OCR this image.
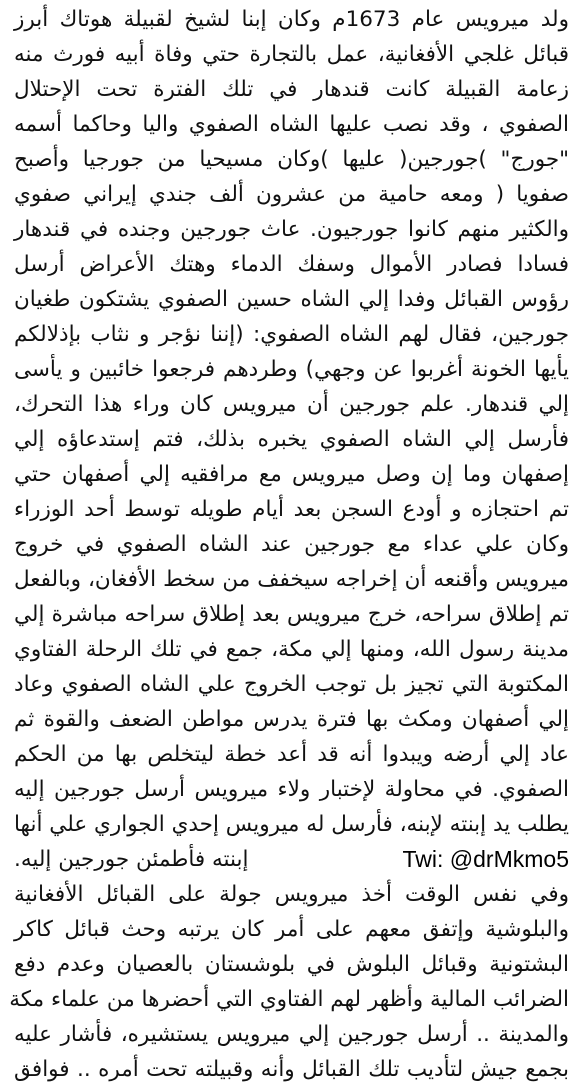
ولد ميرويس عام 1673م وكان إبنا لشيخ لقبيلة هوتاك أبرز
قبائل غلجي الأفغانية، عمل بالتجارة حتي وفاة أبيه فورث منه
زعامة القبيلة كانت قندهار في تلك الفترة تحت الإحتلال
الصفوي ، وقد نصب عليها الشاه الصفوي واليا وحاكما أسمه
"جورج" )جورجين( عليها )وكان مسيحيا من جورجيا وأصبح
صفويا ( ومعه حامية من عشرون ألف جندي إيراني صفوي
والكثير منهم كانوا جورجيون. عاث جورجين وجنده في قندهار
فسادا فصادر الأموال وسفك الدماء وهتك الأعراض أرسل
رؤوس القبائل وفدا إلي الشاه حسين الصفوي يشتكون طغيان
جورجين، فقال لهم الشاه الصفوي: (إننا نؤجر و نثاب بإذلالكم
يأيها الخونة أغربوا عن وجهي) وطردهم فرجعوا خائبين و يأسى
إلي قندهار. علم جورجين أن ميرويس كان وراء هذا التحرك،
فأرسل إلي الشاه الصفوي يخبره بذلك، فتم إستدعاؤه إلي
إصفهان وما إن وصل ميرويس مع مرافقيه إلي أصفهان حتي
تم احتجازه و أودع السجن بعد أيام طويله توسط أحد الوزراء
وكان علي عداء مع جورجين عند الشاه الصفوي في خروج
ميرويس وأقنعه أن إخراجه سيخفف من سخط الأفغان، وبالفعل
تم إطلاق سراحه، خرج ميرويس بعد إطلاق سراحه مباشرة إلي
مدينة رسول الله، ومنها إلي مكة، جمع في تلك الرحلة الفتاوي
المكتوبة التي تجيز بل توجب الخروج علي الشاه الصفوي وعاد
إلي أصفهان ومكث بها فترة يدرس مواطن الضعف والقوة ثم
عاد إلي أرضه ويبدوا أنه قد أعد خطة ليتخلص بها من الحكم
الصفوي. في محاولة لإختبار ولاء ميرويس أرسل جورجين إليه
يطلب يد إبنته لإبنه، فأرسل له ميرويس إحدي الجواري علي أنها
إبنته فأطمئن جورجين إليه.	Twi: @drMkmo5
وفي نفس الوقت أخذ ميرويس جولة على القبائل الأفغانية
والبلوشية وإتفق معهم على أمر كان يرتبه وحث قبائل كاكر
البشتونية وقبائل البلوش في بلوشستان بالعصيان وعدم دفع
الضرائب المالية وأظهر لهم الفتاوي التي أحضرها من علماء مكة
والمدينة .. أرسل جورجين إلي ميرويس يستشيره، فأشار عليه
بجمع جيش لتأديب تلك القبائل وأنه وقبيلته تحت أمره .. فوافق
